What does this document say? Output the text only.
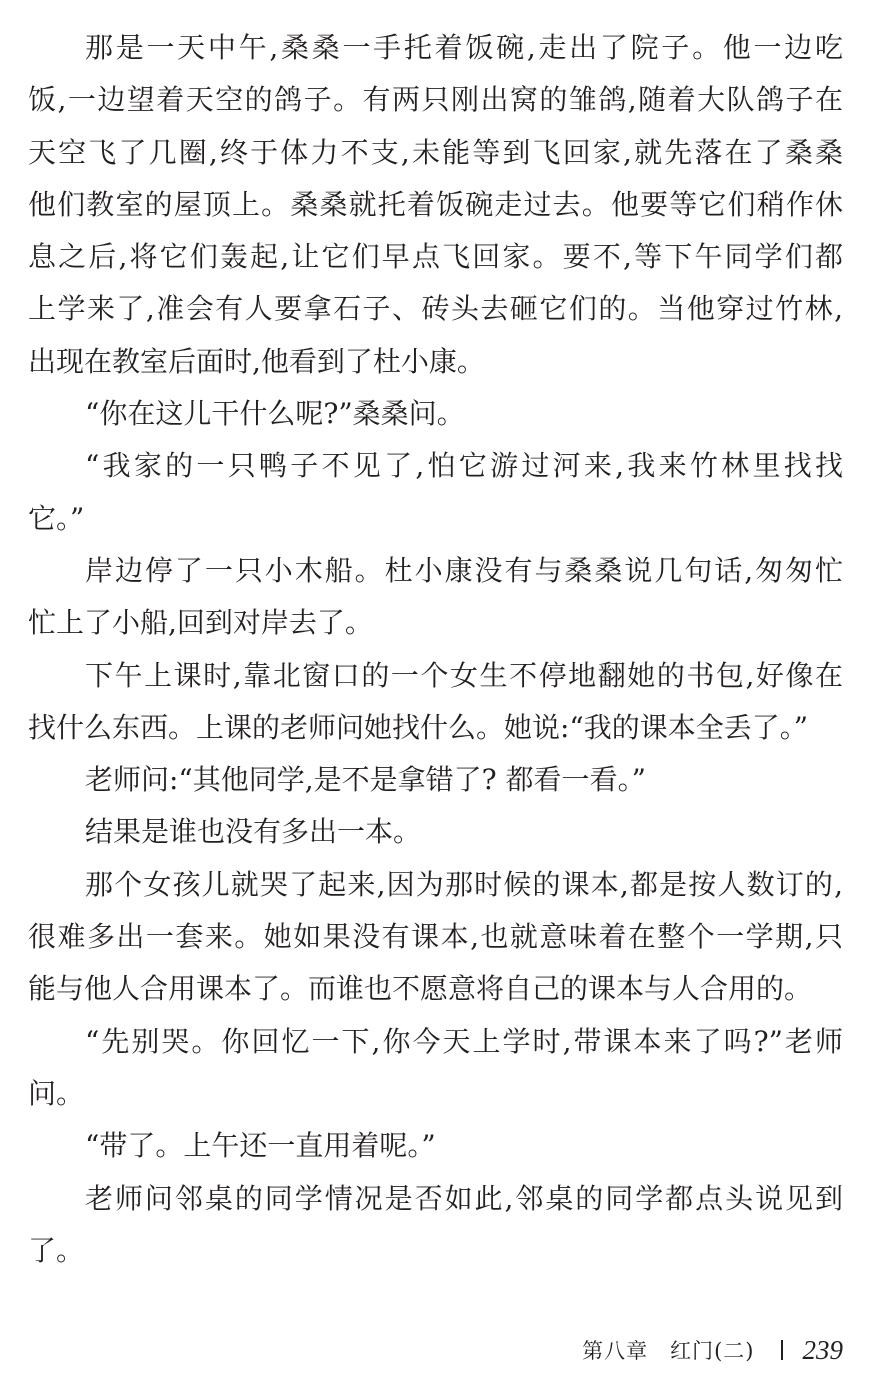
那是一天中午,桑桑一手托着饭碗,走出了院子。他一边吃
饭,一边望着天空的鸽子。有两只刚出窝的雏鸽,随着大队鸽子在
天空飞了几圈,终于体力不支,未能等到飞回家,就先落在了桑桑
他们教室的屋顶上。桑桑就托着饭碗走过去。他要等它们稍作休
息之后,将它们轰起,让它们早点飞回家。要不,等下午同学们都
上学来了,准会有人要拿石子、砖头去砸它们的。当他穿过竹林,
出现在教室后面时,他看到了杜小康。
“你在这儿干什么呢?”桑桑问。
“我家的一只鸭子不见了,怕它游过河来,我来竹林里找找
它。”
岸边停了一只小木船。杜小康没有与桑桑说几句话,匆匆忙
忙上了小船,回到对岸去了。
下午上课时,靠北窗口的一个女生不停地翻她的书包,好像在
找什么东西。上课的老师问她找什么。她说:“我的课本全丢了。”
老师问:“其他同学,是不是拿错了? 都看一看。”
结果是谁也没有多出一本。
那个女孩儿就哭了起来,因为那时候的课本,都是按人数订的,
很难多出一套来。她如果没有课本,也就意味着在整个一学期,只
能与他人合用课本了。而谁也不愿意将自己的课本与人合用的。
“先别哭。你回忆一下,你今天上学时,带课本来了吗?”老师
问。
“带了。上午还一直用着呢。”
老师问邻桌的同学情况是否如此,邻桌的同学都点头说见到
了。
第八章　红门(二) 239
